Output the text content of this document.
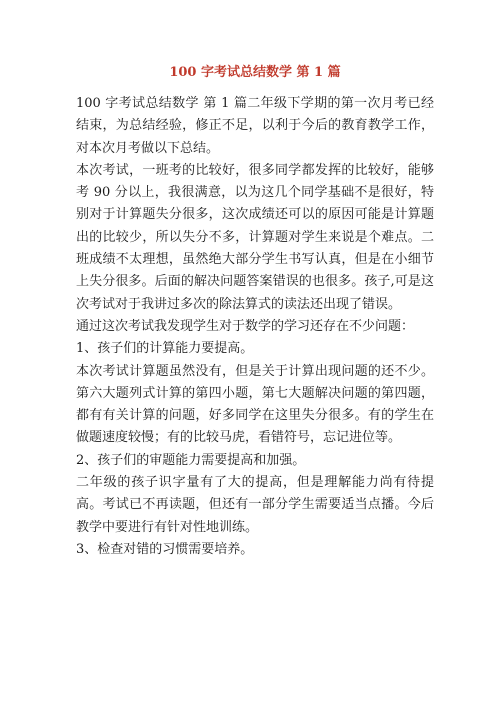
100 字考试总结数学 第 1 篇

100 字考试总结数学 第 1 篇二年级下学期的第一次月考已经结束，为总结经验，修正不足，以利于今后的教育教学工作，对本次月考做以下总结。

本次考试，一班考的比较好，很多同学都发挥的比较好，能够考 90 分以上，我很满意，以为这几个同学基础不是很好，特别对于计算题失分很多，这次成绩还可以的原因可能是计算题出的比较少，所以失分不多，计算题对学生来说是个难点。二班成绩不太理想，虽然绝大部分学生书写认真，但是在小细节上失分很多。后面的解决问题答案错误的也很多。孩子,可是这次考试对于我讲过多次的除法算式的读法还出现了错误。

通过这次考试我发现学生对于数学的学习还存在不少问题：

1、孩子们的计算能力要提高。

本次考试计算题虽然没有，但是关于计算出现问题的还不少。第六大题列式计算的第四小题，第七大题解决问题的第四题，都有有关计算的问题，好多同学在这里失分很多。有的学生在做题速度较慢；有的比较马虎，看错符号，忘记进位等。

2、孩子们的审题能力需要提高和加强。

二年级的孩子识字量有了大的提高，但是理解能力尚有待提高。考试已不再读题，但还有一部分学生需要适当点播。今后教学中要进行有针对性地训练。

3、检查对错的习惯需要培养。
